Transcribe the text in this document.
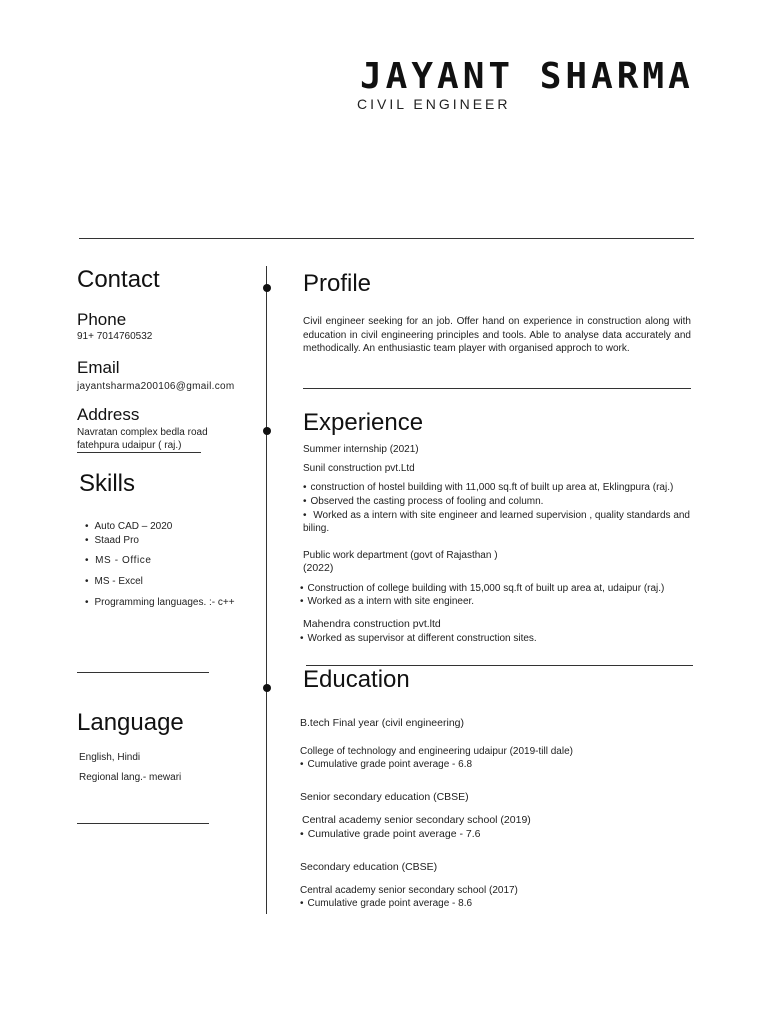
JAYANT SHARMA
CIVIL ENGINEER
Contact
Phone
91+ 7014760532
Email
jayantsharma200106@gmail.com
Address
Navratan complex bedla road
fatehpura udaipur ( raj.)
Skills
• Auto CAD – 2020
• Staad Pro
• MS - Office
• MS - Excel
• Programming languages. :- c++
Language
English, Hindi
Regional lang.- mewari
Profile
Civil engineer seeking for an job. Offer hand on experience in construction along with education in civil engineering principles and tools. Able to analyse data accurately and methodically. An enthusiastic team player with organised approch to work.
Experience
Summer internship (2021)
Sunil construction pvt.Ltd
• construction of hostel building with 11,000 sq.ft of built up area at, Eklingpura (raj.)
• Observed the casting process of fooling and column.
• Worked as a intern with site engineer and learned supervision , quality standards and biling.
Public work department (govt of Rajasthan )
(2022)
• Construction of college building with 15,000 sq.ft of built up area at, udaipur (raj.)
• Worked as a intern with site engineer.
Mahendra construction pvt.ltd
• Worked as supervisor at different construction sites.
Education
B.tech Final year (civil engineering)
College of technology and engineering udaipur (2019-till dale)
• Cumulative grade point average - 6.8
Senior secondary education (CBSE)
Central academy senior secondary school (2019)
• Cumulative grade point average - 7.6
Secondary education (CBSE)
Central academy senior secondary school (2017)
• Cumulative grade point average - 8.6
